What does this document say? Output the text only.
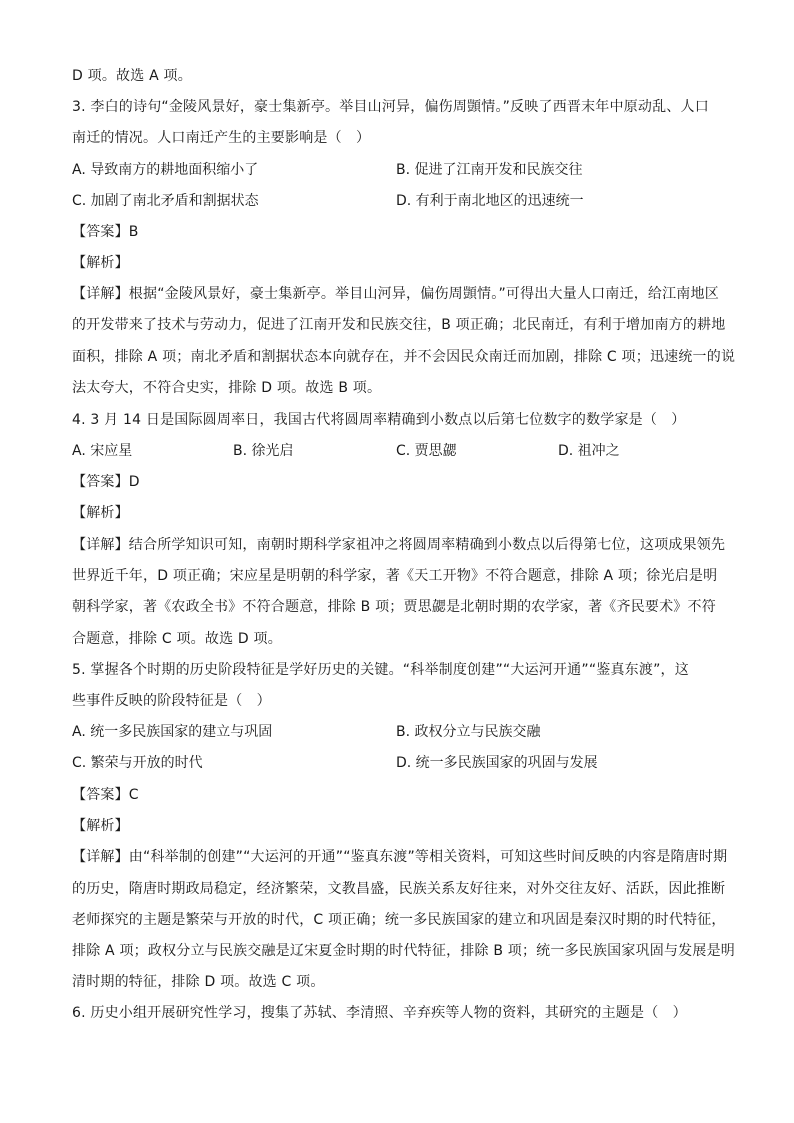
D 项。故选 A 项。
3. 李白的诗句“金陵风景好，豪士集新亭。举目山河异，偏伤周顗情。”反映了西晋末年中原动乱、人口
南迁的情况。人口南迁产生的主要影响是（　）
A. 导致南方的耕地面积缩小了	B. 促进了江南开发和民族交往
C. 加剧了南北矛盾和割据状态	D. 有利于南北地区的迅速统一
【答案】B
【解析】
【详解】根据“金陵风景好，豪士集新亭。举目山河异，偏伤周顗情。”可得出大量人口南迁，给江南地区
的开发带来了技术与劳动力，促进了江南开发和民族交往，B 项正确；北民南迁，有利于增加南方的耕地
面积，排除 A 项；南北矛盾和割据状态本向就存在，并不会因民众南迁而加剧，排除 C 项；迅速统一的说
法太夸大，不符合史实，排除 D 项。故选 B 项。
4. 3 月 14 日是国际圆周率日，我国古代将圆周率精确到小数点以后第七位数字的数学家是（　）
A. 宋应星	B. 徐光启	C. 贾思勰	D. 祖冲之
【答案】D
【解析】
【详解】结合所学知识可知，南朝时期科学家祖冲之将圆周率精确到小数点以后得第七位，这项成果领先
世界近千年，D 项正确；宋应星是明朝的科学家，著《天工开物》不符合题意，排除 A 项；徐光启是明
朝科学家，著《农政全书》不符合题意，排除 B 项；贾思勰是北朝时期的农学家，著《齐民要术》不符
合题意，排除 C 项。故选 D 项。
5. 掌握各个时期的历史阶段特征是学好历史的关键。“科举制度创建”“大运河开通”“鉴真东渡”，这
些事件反映的阶段特征是（　）
A. 统一多民族国家的建立与巩固	B. 政权分立与民族交融
C. 繁荣与开放的时代	D. 统一多民族国家的巩固与发展
【答案】C
【解析】
【详解】由“科举制的创建”“大运河的开通”“鉴真东渡”等相关资料，可知这些时间反映的内容是隋唐时期
的历史，隋唐时期政局稳定，经济繁荣，文教昌盛，民族关系友好往来，对外交往友好、活跃，因此推断
老师探究的主题是繁荣与开放的时代，C 项正确；统一多民族国家的建立和巩固是秦汉时期的时代特征，
排除 A 项；政权分立与民族交融是辽宋夏金时期的时代特征，排除 B 项；统一多民族国家巩固与发展是明
清时期的特征，排除 D 项。故选 C 项。
6. 历史小组开展研究性学习，搜集了苏轼、李清照、辛弃疾等人物的资料，其研究的主题是（　）
